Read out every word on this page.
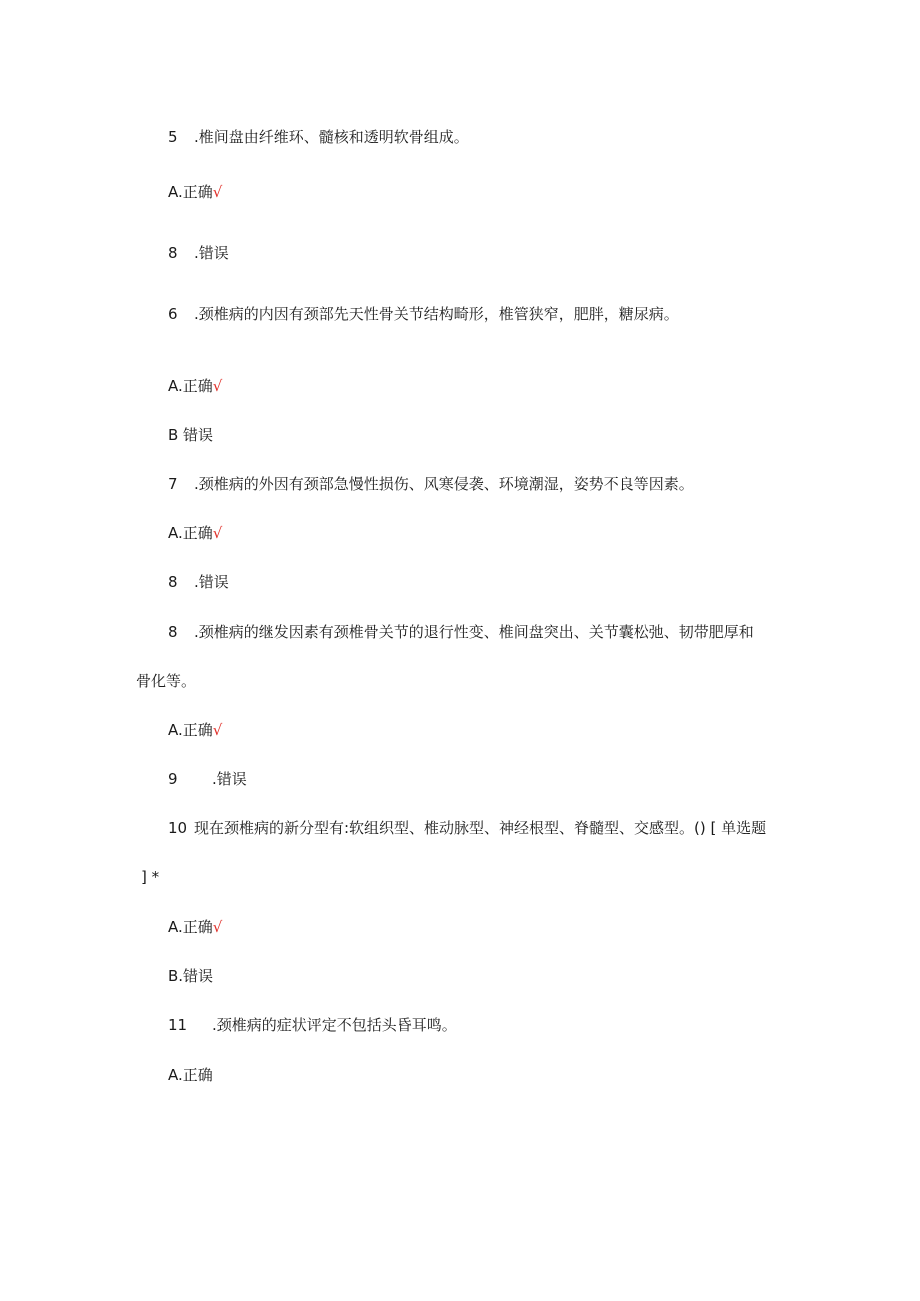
5 .椎间盘由纤维环、髓核和透明软骨组成。
A.正确√
8 .错误
6 .颈椎病的内因有颈部先天性骨关节结构畸形，椎管狭窄，肥胖，糖尿病。
A.正确√
B 错误
7 .颈椎病的外因有颈部急慢性损伤、风寒侵袭、环境潮湿，姿势不良等因素。
A.正确√
8 .错误
8 .颈椎病的继发因素有颈椎骨关节的退行性变、椎间盘突出、关节囊松弛、韧带肥厚和
骨化等。
A.正确√
9 .错误
10 现在颈椎病的新分型有:软组织型、椎动脉型、神经根型、脊髓型、交感型。() [ 单选题
] *
A.正确√
B.错误
11 .颈椎病的症状评定不包括头昏耳鸣。
A.正确
